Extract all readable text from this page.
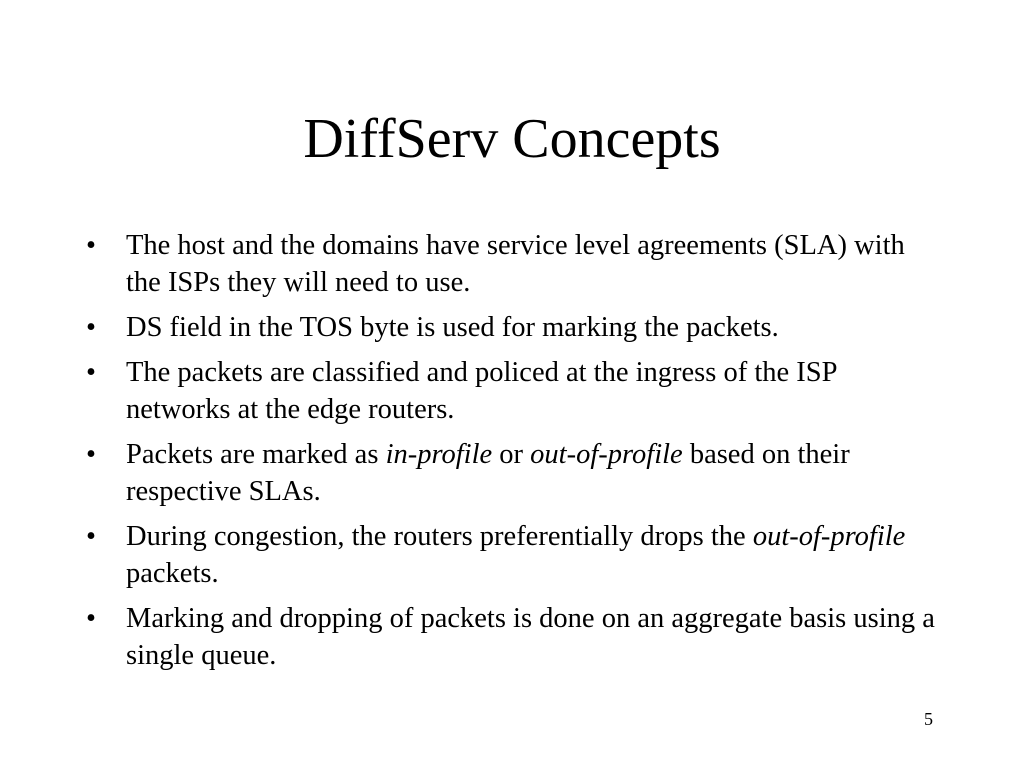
DiffServ Concepts
•	The host and the domains have service level agreements (SLA) with the ISPs they will need to use.
•	DS field in the TOS byte is used for marking the packets.
•	The packets are classified and policed at the ingress of the ISP networks at the edge routers.
•	Packets are marked as in-profile or out-of-profile based on their respective SLAs.
•	During congestion, the routers preferentially drops the out-of-profile packets.
•	Marking and dropping of packets is done on an aggregate basis using a single queue.
5
